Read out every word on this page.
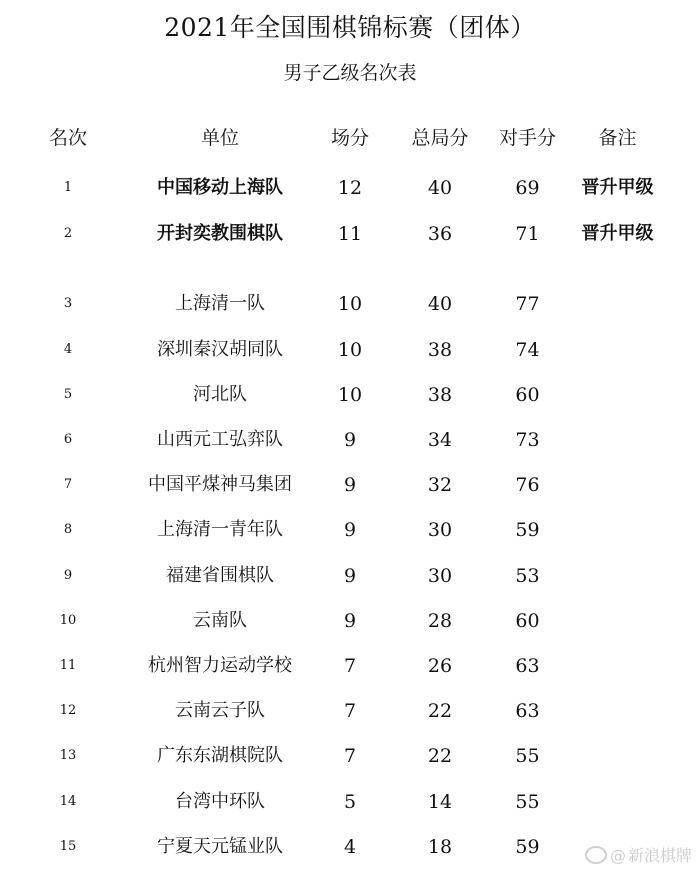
2021年全国围棋锦标赛（团体）
男子乙级名次表
名次	单位	场分	总局分	对手分	备注
1	中国移动上海队	12	40	69	晋升甲级
2	开封奕教围棋队	11	36	71	晋升甲级
3	上海清一队	10	40	77
4	深圳秦汉胡同队	10	38	74
5	河北队	10	38	60
6	山西元工弘弈队	9	34	73
7	中国平煤神马集团	9	32	76
8	上海清一青年队	9	30	59
9	福建省围棋队	9	30	53
10	云南队	9	28	60
11	杭州智力运动学校	7	26	63
12	云南云子队	7	22	63
13	广东东湖棋院队	7	22	55
14	台湾中环队	5	14	55
15	宁夏天元锰业队	4	18	59	@ 新浪棋牌
